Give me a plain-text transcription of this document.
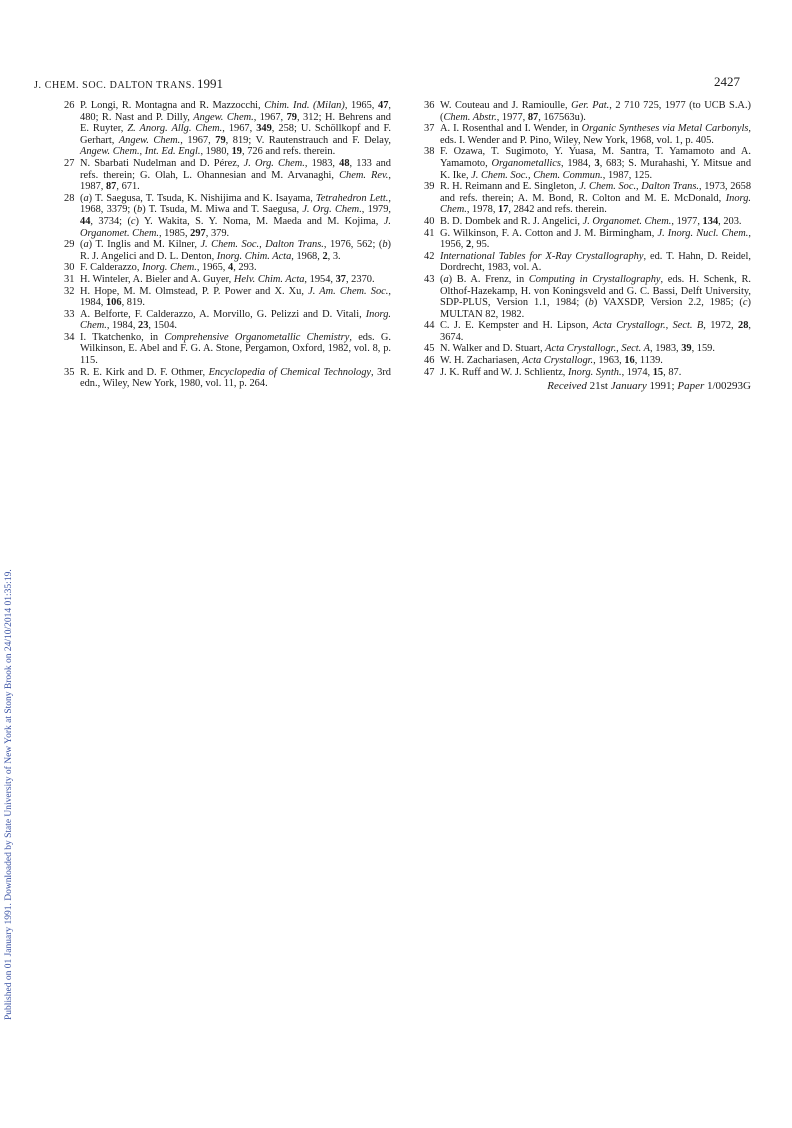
J. CHEM. SOC. DALTON TRANS. 1991	2427
Published on 01 January 1991. Downloaded by State University of New York at Stony Brook on 24/10/2014 01:35:19.

26 P. Longi, R. Montagna and R. Mazzocchi, Chim. Ind. (Milan), 1965, 47, 480; R. Nast and P. Dilly, Angew. Chem., 1967, 79, 312; H. Behrens and E. Ruyter, Z. Anorg. Allg. Chem., 1967, 349, 258; U. Schöllkopf and F. Gerhart, Angew. Chem., 1967, 79, 819; V. Rautenstrauch and F. Delay, Angew. Chem., Int. Ed. Engl., 1980, 19, 726 and refs. therein.

27 N. Sbarbati Nudelman and D. Pérez, J. Org. Chem., 1983, 48, 133 and refs. therein; G. Olah, L. Ohannesian and M. Arvanaghi, Chem. Rev., 1987, 87, 671.

28 (a) T. Saegusa, T. Tsuda, K. Nishijima and K. Isayama, Tetrahedron Lett., 1968, 3379; (b) T. Tsuda, M. Miwa and T. Saegusa, J. Org. Chem., 1979, 44, 3734; (c) Y. Wakita, S. Y. Noma, M. Maeda and M. Kojima, J. Organomet. Chem., 1985, 297, 379.

29 (a) T. Inglis and M. Kilner, J. Chem. Soc., Dalton Trans., 1976, 562; (b) R. J. Angelici and D. L. Denton, Inorg. Chim. Acta, 1968, 2, 3.

30 F. Calderazzo, Inorg. Chem., 1965, 4, 293.

31 H. Winteler, A. Bieler and A. Guyer, Helv. Chim. Acta, 1954, 37, 2370.

32 H. Hope, M. M. Olmstead, P. P. Power and X. Xu, J. Am. Chem. Soc., 1984, 106, 819.

33 A. Belforte, F. Calderazzo, A. Morvillo, G. Pelizzi and D. Vitali, Inorg. Chem., 1984, 23, 1504.

34 I. Tkatchenko, in Comprehensive Organometallic Chemistry, eds. G. Wilkinson, E. Abel and F. G. A. Stone, Pergamon, Oxford, 1982, vol. 8, p. 115.

35 R. E. Kirk and D. F. Othmer, Encyclopedia of Chemical Technology, 3rd edn., Wiley, New York, 1980, vol. 11, p. 264.

36 W. Couteau and J. Ramioulle, Ger. Pat., 2 710 725, 1977 (to UCB S.A.) (Chem. Abstr., 1977, 87, 167563u).

37 A. I. Rosenthal and I. Wender, in Organic Syntheses via Metal Carbonyls, eds. I. Wender and P. Pino, Wiley, New York, 1968, vol. 1, p. 405.

38 F. Ozawa, T. Sugimoto, Y. Yuasa, M. Santra, T. Yamamoto and A. Yamamoto, Organometallics, 1984, 3, 683; S. Murahashi, Y. Mitsue and K. Ike, J. Chem. Soc., Chem. Commun., 1987, 125.

39 R. H. Reimann and E. Singleton, J. Chem. Soc., Dalton Trans., 1973, 2658 and refs. therein; A. M. Bond, R. Colton and M. E. McDonald, Inorg. Chem., 1978, 17, 2842 and refs. therein.

40 B. D. Dombek and R. J. Angelici, J. Organomet. Chem., 1977, 134, 203.

41 G. Wilkinson, F. A. Cotton and J. M. Birmingham, J. Inorg. Nucl. Chem., 1956, 2, 95.

42 International Tables for X-Ray Crystallography, ed. T. Hahn, D. Reidel, Dordrecht, 1983, vol. A.

43 (a) B. A. Frenz, in Computing in Crystallography, eds. H. Schenk, R. Olthof-Hazekamp, H. von Koningsveld and G. C. Bassi, Delft University, SDP-PLUS, Version 1.1, 1984; (b) VAXSDP, Version 2.2, 1985; (c) MULTAN 82, 1982.

44 C. J. E. Kempster and H. Lipson, Acta Crystallogr., Sect. B, 1972, 28, 3674.

45 N. Walker and D. Stuart, Acta Crystallogr., Sect. A, 1983, 39, 159.

46 W. H. Zachariasen, Acta Crystallogr., 1963, 16, 1139.

47 J. K. Ruff and W. J. Schlientz, Inorg. Synth., 1974, 15, 87.

Received 21st January 1991; Paper 1/00293G
